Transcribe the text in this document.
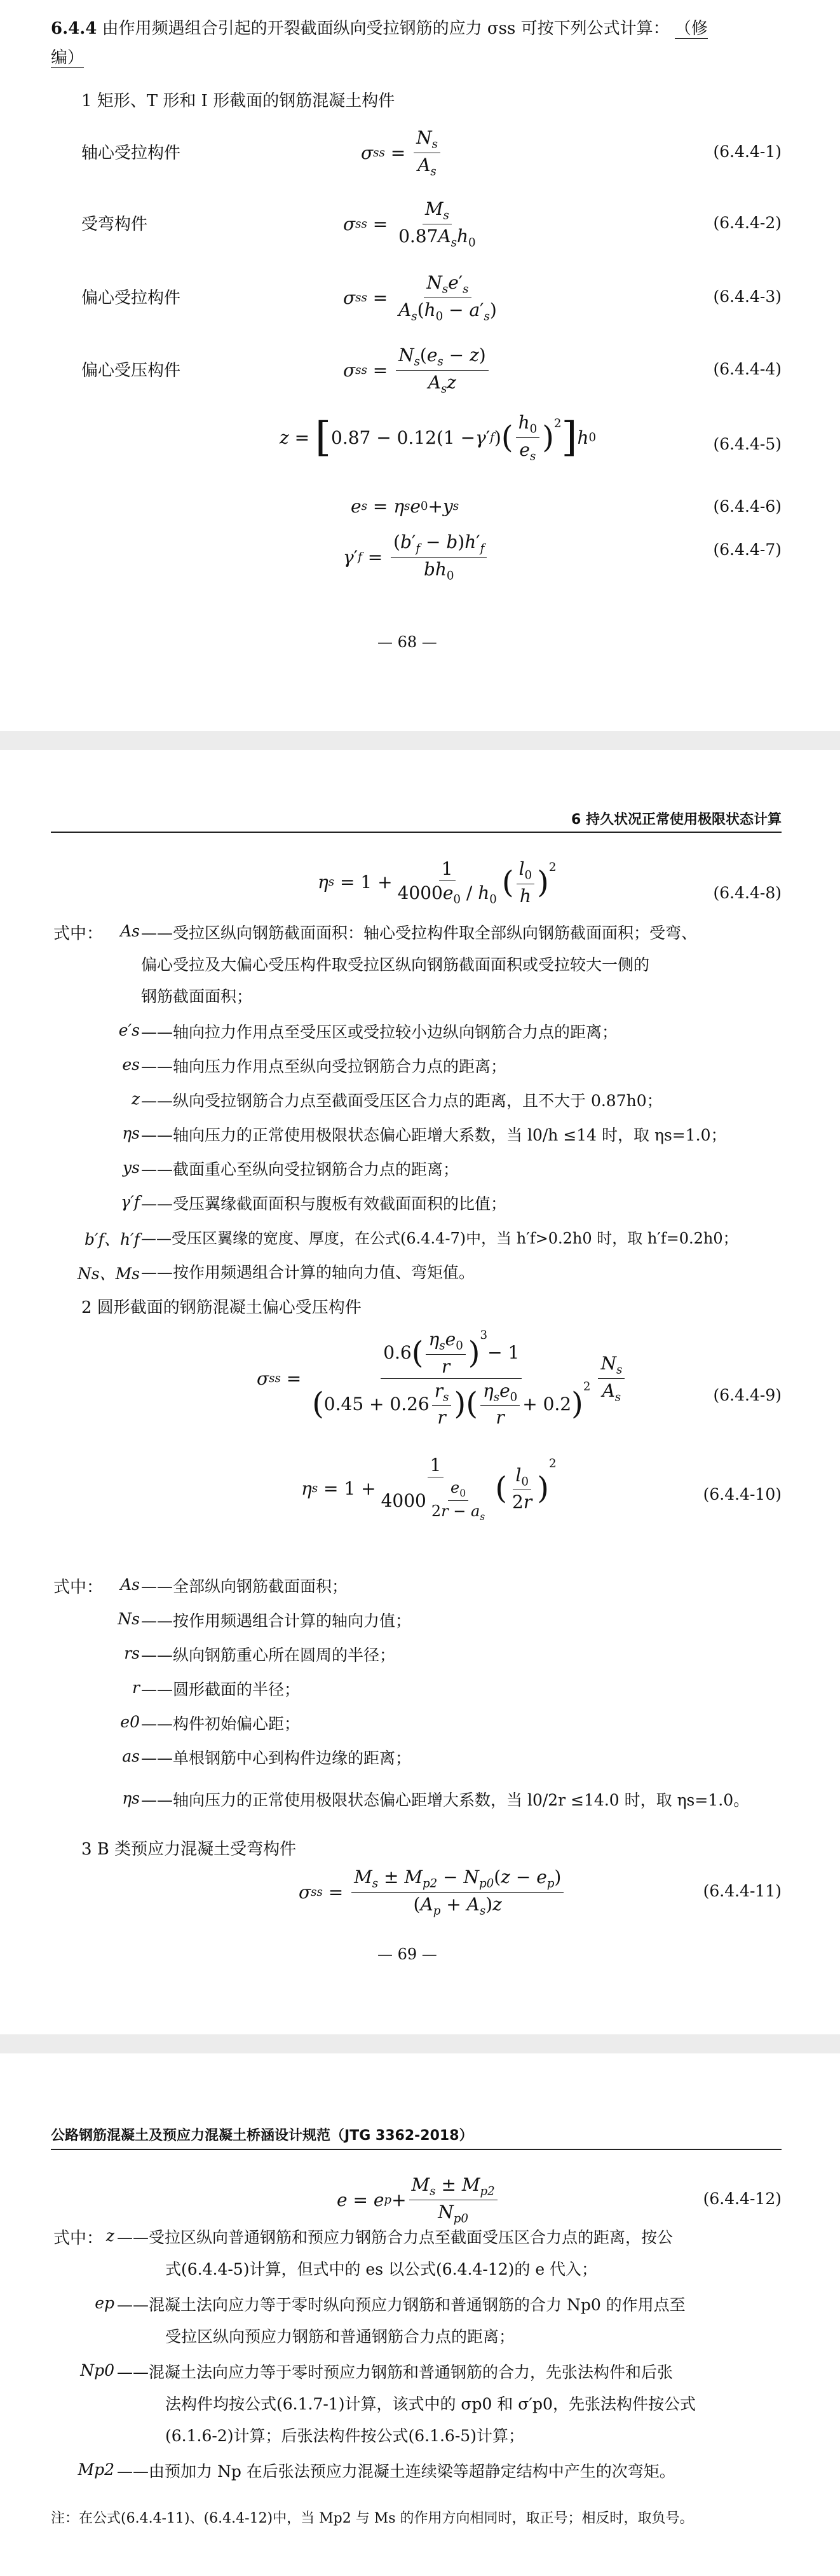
6.4.4 由作用频遇组合引起的开裂截面纵向受拉钢筋的应力 σss 可按下列公式计算： （修
编）
1 矩形、T 形和 I 形截面的钢筋混凝土构件
轴心受拉构件	σ ss = $\frac{N_s}{A_s}$	(6.4.4-1)
受弯构件	σ ss = $\frac{M_s}{0.87A_sh_0}$	(6.4.4-2)
偏心受拉构件	σ ss = $\frac{N_se'_s}{A_s(h_0 - a'_s)}$	(6.4.4-3)
偏心受压构件	σ ss = $\frac{N_s(e_s - z)}{A_sz}$	(6.4.4-4)
z = [ 0.87 − 0.12(1 − γ ′ f ) ( $\frac{h_0}{e_s} )^2$ ] h 0	(6.4.4-5)
e s = η s e 0 + y s	(6.4.4-6)
γ ′ $f = \frac{(b'_f - b)h'_f}{bh_0}$	(6.4.4-7)
— 68 —
6 持久状况正常使用极限状态计算
η $s = 1 + \frac{1}{4000e_0 / h_0}$ ( $\frac{l_0}{h} )^2$
(6.4.4-8)
式中：	As ——受拉区纵向钢筋截面面积：轴心受拉构件取全部纵向钢筋截面面积；受弯、
偏心受拉及大偏心受压构件取受拉区纵向钢筋截面面积或受拉较大一侧的
钢筋截面面积；
e′s ——轴向拉力作用点至受压区或受拉较小边纵向钢筋合力点的距离；
es ——轴向压力作用点至纵向受拉钢筋合力点的距离；
z ——纵向受拉钢筋合力点至截面受压区合力点的距离，且不大于 0.87h0；
ηs ——轴向压力的正常使用极限状态偏心距增大系数，当 l0/h ≤14 时，取 ηs=1.0；
ys ——截面重心至纵向受拉钢筋合力点的距离；
γ′f ——受压翼缘截面面积与腹板有效截面面积的比值；
b′f、h′f ——受压区翼缘的宽度、厚度，在公式(6.4.4-7)中，当 h′f>0.2h0 时，取 h′f=0.2h0；
Ns、Ms ——按作用频遇组合计算的轴向力值、弯矩值。
2 圆形截面的钢筋混凝土偏心受压构件
σ ss = 0.6 ( $\frac{\eta_se_0}{r} )^3$
− 1
( $0.45 + 0.26 \frac{r_s}{r}$ ) ( $\frac{\eta_se_0}{r} + 0.2$ )$^2 \frac{N_s}{A_s}$	(6.4.4-9)
η $s = 1 + \frac{1}{4000 \frac{e_0}{2r - a_s}}$ ( $\frac{l_0}{2r}$ )
2
(6.4.4-10)
式中：	As ——全部纵向钢筋截面面积；
Ns ——按作用频遇组合计算的轴向力值；
rs ——纵向钢筋重心所在圆周的半径；
r ——圆形截面的半径；
e0 ——构件初始偏心距；
as ——单根钢筋中心到构件边缘的距离；
ηs ——轴向压力的正常使用极限状态偏心距增大系数，当 l0/2r ≤14.0 时，取 ηs=1.0。
3 B 类预应力混凝土受弯构件
σ ss = $\frac{M_s \pm M_{p2} - N_{p0}(z - e_p)}{(A_p + A_s)z}$	(6.4.4-11)
— 69 —
公路钢筋混凝土及预应力混凝土桥涵设计规范（JTG 3362-2018）
e = e $p + \frac{M_s \pm M_{p2}}{N_{p0}}$	(6.4.4-12)
式中： z ——受拉区纵向普通钢筋和预应力钢筋合力点至截面受压区合力点的距离，按公
式(6.4.4-5)计算，但式中的 es 以公式(6.4.4-12)的 e 代入；
ep ——混凝土法向应力等于零时纵向预应力钢筋和普通钢筋的合力 Np0 的作用点至
受拉区纵向预应力钢筋和普通钢筋合力点的距离；
Np0 ——混凝土法向应力等于零时预应力钢筋和普通钢筋的合力，先张法构件和后张
法构件均按公式(6.1.7-1)计算，该式中的 σp0 和 σ′p0，先张法构件按公式
(6.1.6-2)计算；后张法构件按公式(6.1.6-5)计算；
Mp2 ——由预加力 Np 在后张法预应力混凝土连续梁等超静定结构中产生的次弯矩。
注：在公式(6.4.4-11)、(6.4.4-12)中，当 Mp2 与 Ms 的作用方向相同时，取正号；相反时，取负号。
